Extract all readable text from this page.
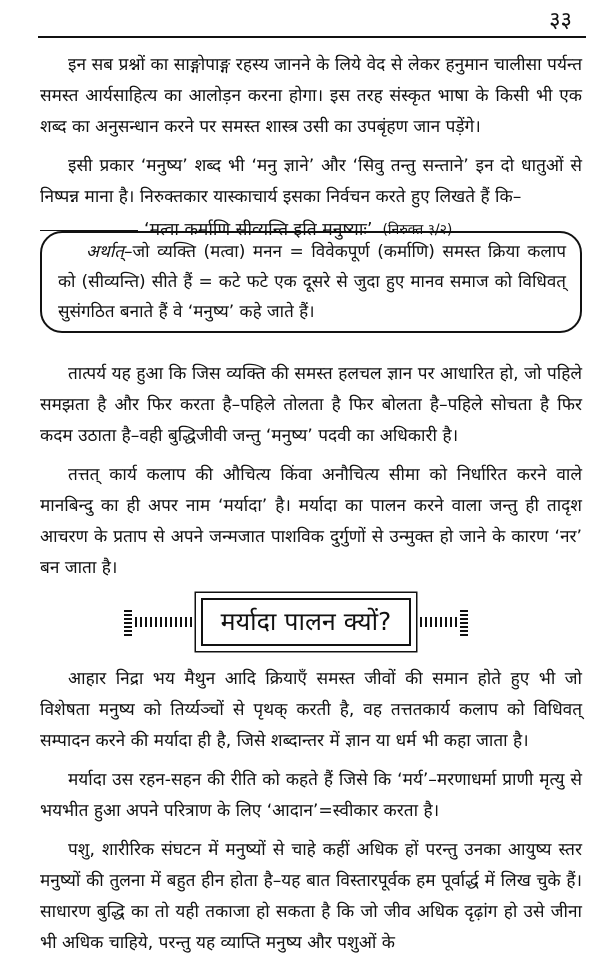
३३

इन सब प्रश्नों का साङ्गोपाङ्ग रहस्य जानने के लिये वेद से लेकर हनुमान चालीसा पर्यन्त समस्त आर्यसाहित्य का आलोड़न करना होगा। इस तरह संस्कृत भाषा के किसी भी एक शब्द का अनुसन्धान करने पर समस्त शास्त्र उसी का उपबृंहण जान पड़ेंगे।

इसी प्रकार ‘मनुष्य’ शब्द भी ‘मनु ज्ञाने’ और ‘सिवु तन्तु सन्ताने’ इन दो धातुओं से निष्पन्न माना है। निरुक्तकार यास्काचार्य इसका निर्वचन करते हुए लिखते हैं कि–

‘मत्वा कर्माणि सीव्यन्ति इति मनुष्याः’ (निरुक्त ३/२)

अर्थात्–जो व्यक्ति (मत्वा) मनन = विवेकपूर्ण (कर्माणि) समस्त क्रिया कलाप को (सीव्यन्ति) सीते हैं = कटे फटे एक दूसरे से जुदा हुए मानव समाज को विधिवत् सुसंगठित बनाते हैं वे ‘मनुष्य’ कहे जाते हैं।

तात्पर्य यह हुआ कि जिस व्यक्ति की समस्त हलचल ज्ञान पर आधारित हो, जो पहिले समझता है और फिर करता है–पहिले तोलता है फिर बोलता है–पहिले सोचता है फिर कदम उठाता है–वही बुद्धिजीवी जन्तु ‘मनुष्य’ पदवी का अधिकारी है।

तत्तत् कार्य कलाप की औचित्य किंवा अनौचित्य सीमा को निर्धारित करने वाले मानबिन्दु का ही अपर नाम ‘मर्यादा’ है। मर्यादा का पालन करने वाला जन्तु ही तादृश आचरण के प्रताप से अपने जन्मजात पाशविक दुर्गुणों से उन्मुक्त हो जाने के कारण ‘नर’ बन जाता है।

मर्यादा पालन क्यों?

आहार निद्रा भय मैथुन आदि क्रियाएँ समस्त जीवों की समान होते हुए भी जो विशेषता मनुष्य को तिर्य्यञ्चों से पृथक् करती है, वह तत्ततकार्य कलाप को विधिवत् सम्पादन करने की मर्यादा ही है, जिसे शब्दान्तर में ज्ञान या धर्म भी कहा जाता है।

मर्यादा उस रहन-सहन की रीति को कहते हैं जिसे कि ‘मर्य’–मरणाधर्मा प्राणी मृत्यु से भयभीत हुआ अपने परित्राण के लिए ‘आदान’=स्वीकार करता है।

पशु, शारीरिक संघटन में मनुष्यों से चाहे कहीं अधिक हों परन्तु उनका आयुष्य स्तर मनुष्यों की तुलना में बहुत हीन होता है–यह बात विस्तारपूर्वक हम पूर्वार्द्ध में लिख चुके हैं। साधारण बुद्धि का तो यही तकाजा हो सकता है कि जो जीव अधिक दृढ़ांग हो उसे जीना भी अधिक चाहिये, परन्तु यह व्याप्ति मनुष्य और पशुओं के
